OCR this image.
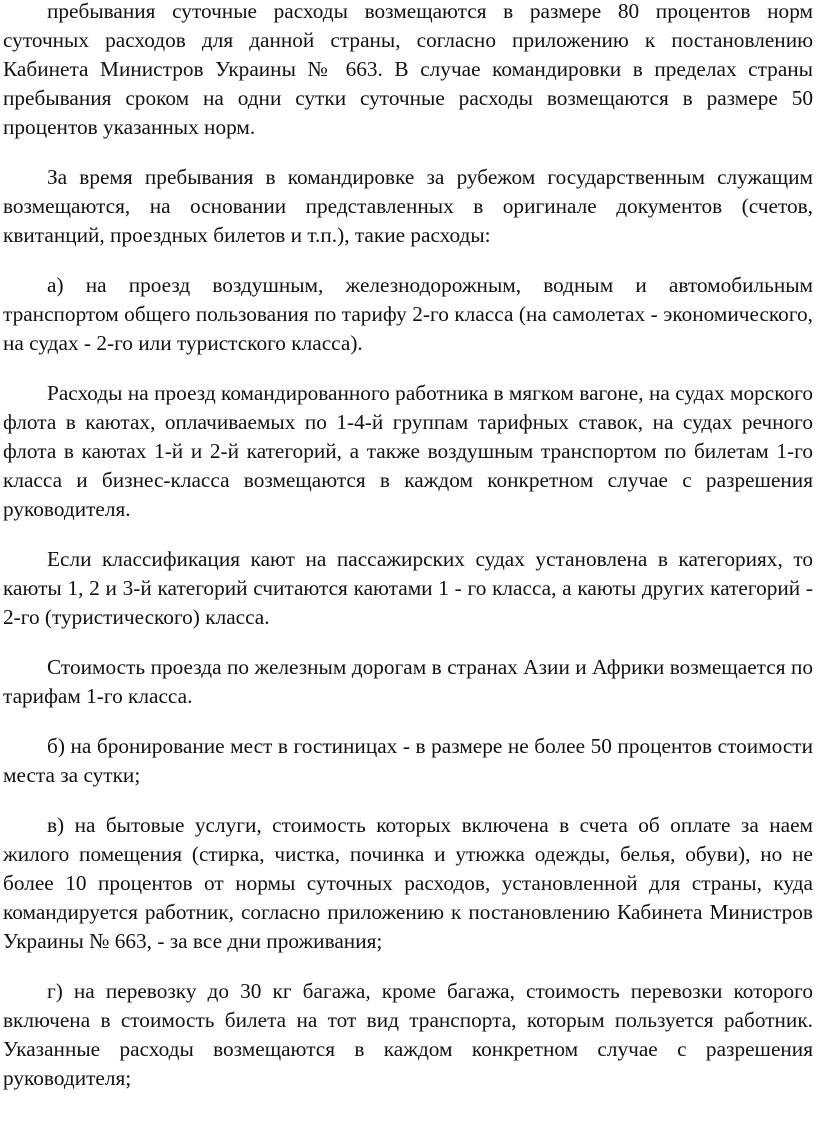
пребывания суточные расходы возмещаются в размере 80 процентов норм суточных расходов для данной страны, согласно приложению к постановлению Кабинета Министров Украины № 663. В случае командировки в пределах страны пребывания сроком на одни сутки суточные расходы возмещаются в размере 50 процентов указанных норм.

За время пребывания в командировке за рубежом государственным служащим возмещаются, на основании представленных в оригинале документов (счетов, квитанций, проездных билетов и т.п.), такие расходы:

а) на проезд воздушным, железнодорожным, водным и автомобильным транспортом общего пользования по тарифу 2-го класса (на самолетах - экономического, на судах - 2-го или туристского класса).

Расходы на проезд командированного работника в мягком вагоне, на судах морского флота в каютах, оплачиваемых по 1-4-й группам тарифных ставок, на судах речного флота в каютах 1-й и 2-й категорий, а также воздушным транспортом по билетам 1-го класса и бизнес-класса возмещаются в каждом конкретном случае с разрешения руководителя.

Если классификация кают на пассажирских судах установлена в категориях, то каюты 1, 2 и 3-й категорий считаются каютами 1 - го класса, а каюты других категорий - 2-го (туристического) класса.

Стоимость проезда по железным дорогам в странах Азии и Африки возмещается по тарифам 1-го класса.

б) на бронирование мест в гостиницах - в размере не более 50 процентов стоимости места за сутки;

в) на бытовые услуги, стоимость которых включена в счета об оплате за наем жилого помещения (стирка, чистка, починка и утюжка одежды, белья, обуви), но не более 10 процентов от нормы суточных расходов, установленной для страны, куда командируется работник, согласно приложению к постановлению Кабинета Министров Украины № 663, - за все дни проживания;

г) на перевозку до 30 кг багажа, кроме багажа, стоимость перевозки которого включена в стоимость билета на тот вид транспорта, которым пользуется работник. Указанные расходы возмещаются в каждом конкретном случае с разрешения руководителя;
